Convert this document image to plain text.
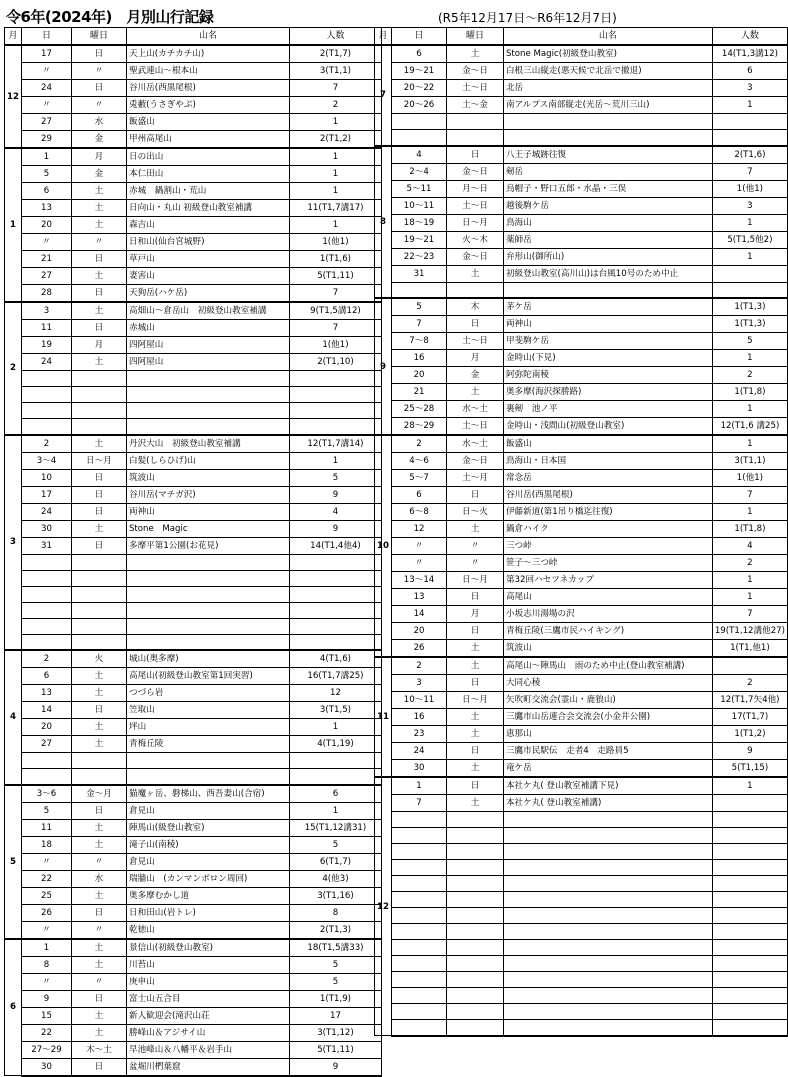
令6年(2024年)　月別山行記録	(R5年12月17日～R6年12月7日)
月	日	曜日	山名	人数
12	17	日	天上山(カチカチ山)	2(T1,7)
	〃	〃	聖武連山～根本山	3(T1,1)
	24	日	谷川岳(西黒尾根)	7
	〃	〃	兎藪(うさぎやぶ)	2
	27	水	飯盛山	1
	29	金	甲州高尾山	2(T1,2)
1	1	月	日の出山	1
	5	金	本仁田山	1
	6	土	赤城　鍋割山・荒山	1
	13	土	日向山・丸山 初級登山教室補講	11(T1,7講17)
	20	土	森吉山	1
	〃	〃	日和山(仙台宮城野)	1(他1)
	21	日	草戸山	1(T1,6)
	27	土	妻害山	5(T1,11)
	28	日	天狗岳(ハケ岳)	7
2	3	土	高畑山～倉岳山　初級登山教室補講	9(T1,5講12)
	11	日	赤城山	7
	19	月	四阿屋山	1(他1)
	24	土	四阿屋山	2(T1,10)

3	2	土	丹沢大山　初級登山教室補講	12(T1,7講14)
	3～4	日～月	白髪(しらひげ)山	1
	10	日	筑波山	5
	17	日	谷川岳(マチガ沢)	9
	24	日	両神山	4
	30	土	Stone　Magic	9
	31	日	多摩平第1公園(お花見)	14(T1,4他4)

4	2	火	城山(奥多摩)	4(T1,6)
	6	土	高尾山(初級登山教室第1回実習)	16(T1,7講25)
	13	土	つづら岩	12
	14	日	笠取山	3(T1,5)
	20	土	坪山	1
	27	土	青梅丘陵	4(T1,19)

5	3～6	金～月	猫魔ヶ岳、磐梯山、西吾妻山(合宿)	6
	5	日	倉見山	1
	11	土	陣馬山(級登山教室)	15(T1,12講31)
	18	土	滝子山(南稜)	5
	〃	〃	倉見山	6(T1,7)
	22	水	瑞牆山　(カンマンボロン周回)	4(他3)
	25	土	奥多摩むかし道	3(T1,16)
	26	日	日和田山(岩トレ)	8
	〃	〃	乾徳山	2(T1,3)
6	1	土	景信山(初級登山教室)	18(T1,5講33)
	8	土	川苔山	5
	〃	〃	庚申山	5
	9	日	富士山五合目	1(T1,9)
	15	土	新人歓迎会(滝沢山荘	17
	22	土	勝峰山＆アジサイ山	3(T1,12)
	27～29	木～土	早池峰山＆八幡平＆岩手山	5(T1,11)
	30	日	盆堀川椚葉窟	9
月	日	曜日	山名	人数
7	6	土	Stone Magic(初級登山教室)	14(T1,3講12)
	19～21	金～日	白根三山縦走(悪天候で北岳で撤退)	6
	20～22	土～日	北岳	3
	20～26	土～金	南アルプス南部縦走(光岳～荒川三山)	1

8	4	日	八王子城跡往復	2(T1,6)
	2～4	金～日	剱岳	7
	5～11	月～日	烏帽子・野口五郎・水晶・三俣	1(他1)
	10～11	土～日	越後駒ケ岳	3
	18～19	日～月	鳥海山	1
	19～21	火～木	薬師岳	5(T1,5他2)
	22～23	金～日	弁形山(御所山)	1
	31	土	初級登山教室(高川山)は台風10号のため中止	

9	5	木	茅ケ岳	1(T1,3)
	7	日	両神山	1(T1,3)
	7～8	土～日	甲斐駒ケ岳	5
	16	月	金時山(下見)	1
	20	金	阿弥陀南稜	2
	21	土	奥多摩(海沢探勝路)	1(T1,8)
	25～28	水～土	裏剱　池ノ平	1
	28～29	土～日	金時山・浅間山(初級登山教室)	12(T1,6 講25)
10	2	水～土	飯盛山	1
	4～6	金～日	鳥海山・日本国	3(T1,1)
	5～7	土～月	常念岳	1(他1)
	6	日	谷川岳(西黒尾根)	7
	6～8	日～火	伊藤新道(第1吊り橋迄往復)	1
	12	土	鍋倉ハイク	1(T1,8)
	〃	〃	三つ峠	4
	〃	〃	笹子～三つ峠	2
	13～14	日～月	第32回ハセツネカップ	1
	13	日	高尾山	1
	14	月	小坂志川湯場の沢	7
	20	日	青梅丘陵(三鷹市民ハイキング)	19(T1,12講他27)
	26	土	筑波山	1(T1,他1)
11	2	土	高尾山～陣馬山　雨のため中止(登山教室補講)	
	3	日	大同心稜	2
	10～11	日～月	矢吹町交流会(霊山・鹿狼山)	12(T1,7矢4他)
	16	土	三鷹市山岳連合会交流会(小金井公園)	17(T1,7)
	23	土	恵那山	1(T1,2)
	24	日	三鷹市民駅伝　走者4　走路員5	9
	30	土	竜ケ岳	5(T1,15)
12	1	日	本社ケ丸( 登山教室補講下見)	1
	7	土	本社ケ丸( 登山教室補講)	
